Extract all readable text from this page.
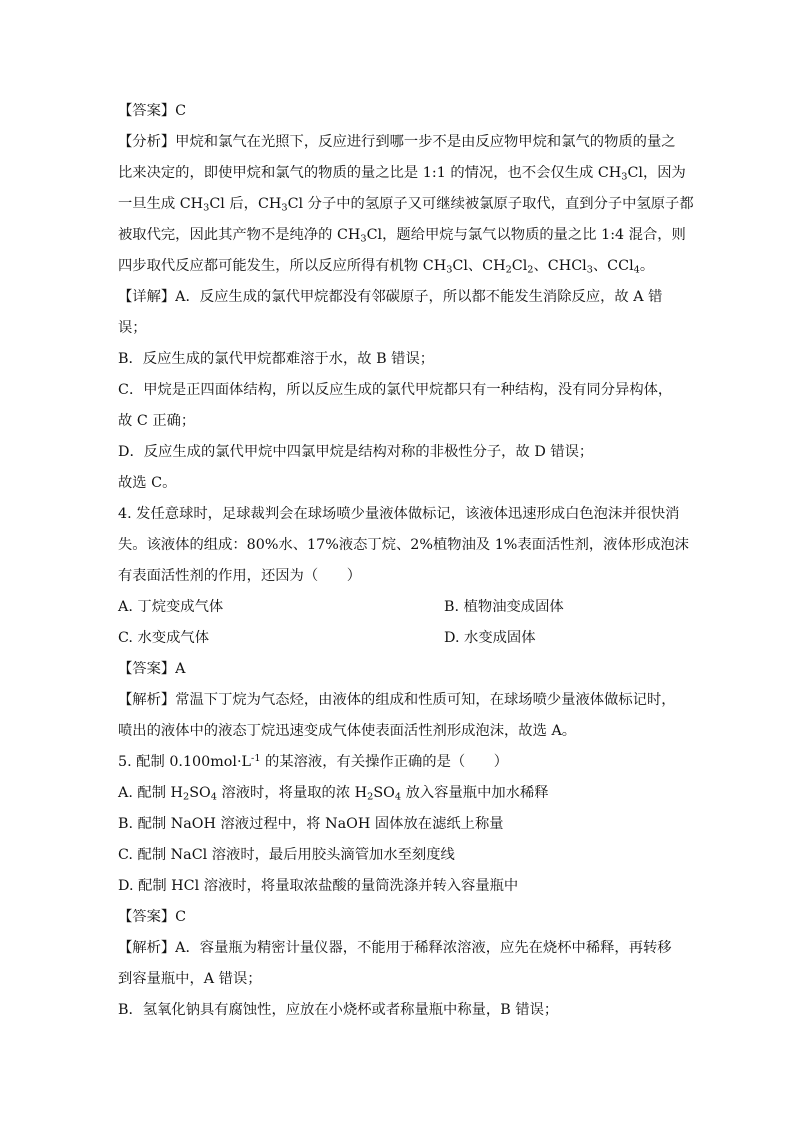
【答案】C
【分析】甲烷和氯气在光照下，反应进行到哪一步不是由反应物甲烷和氯气的物质的量之
比来决定的，即使甲烷和氯气的物质的量之比是 1:1 的情况，也不会仅生成 $CH_3Cl$，因为
一旦生成 $CH_3Cl$ 后，$CH_3Cl$ 分子中的氢原子又可继续被氯原子取代，直到分子中氢原子都
被取代完，因此其产物不是纯净的 $CH_3Cl$，题给甲烷与氯气以物质的量之比 1:4 混合，则
四步取代反应都可能发生，所以反应所得有机物 $CH_3Cl$、$CH_2Cl_2$、CHCl$_3$、CCl$_4$。
【详解】A．反应生成的氯代甲烷都没有邻碳原子，所以都不能发生消除反应，故 A 错
误；
B．反应生成的氯代甲烷都难溶于水，故 B 错误；
C．甲烷是正四面体结构，所以反应生成的氯代甲烷都只有一种结构，没有同分异构体，
故 C 正确；
D．反应生成的氯代甲烷中四氯甲烷是结构对称的非极性分子，故 D 错误；
故选 C。
4. 发任意球时，足球裁判会在球场喷少量液体做标记，该液体迅速形成白色泡沫并很快消
失。该液体的组成：80%水、17%液态丁烷、2%植物油及 1%表面活性剂，液体形成泡沫
有表面活性剂的作用，还因为（　　）
A. 丁烷变成气体	B. 植物油变成固体
C. 水变成气体	D. 水变成固体
【答案】A
【解析】常温下丁烷为气态烃，由液体的组成和性质可知，在球场喷少量液体做标记时，
喷出的液体中的液态丁烷迅速变成气体使表面活性剂形成泡沫，故选 A。
5. 配制 $0.100mol\cdot L^{-1}$ 的某溶液，有关操作正确的是（　　）
A. 配制 $H_2SO_4$ 溶液时，将量取的浓 $H_2SO_4$ 放入容量瓶中加水稀释
B. 配制 NaOH 溶液过程中，将 NaOH 固体放在滤纸上称量
C. 配制 NaCl 溶液时，最后用胶头滴管加水至刻度线
D. 配制 HCl 溶液时，将量取浓盐酸的量筒洗涤并转入容量瓶中
【答案】C
【解析】A．容量瓶为精密计量仪器，不能用于稀释浓溶液，应先在烧杯中稀释，再转移
到容量瓶中，A 错误；
B．氢氧化钠具有腐蚀性，应放在小烧杯或者称量瓶中称量，B 错误；
